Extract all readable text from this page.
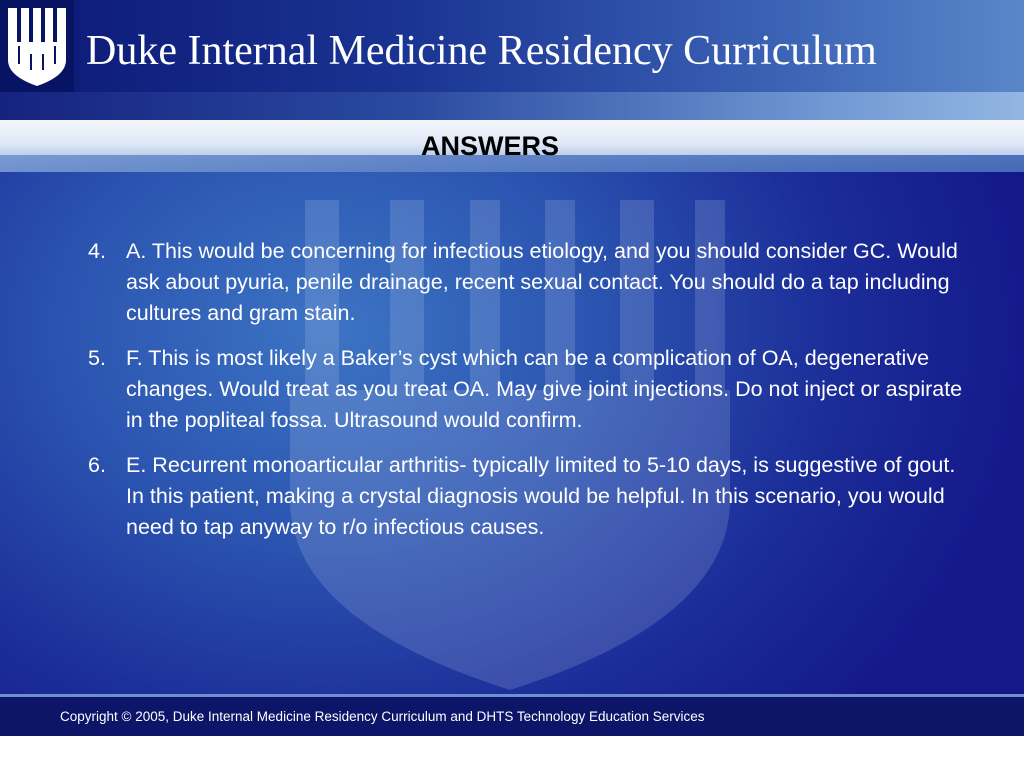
Duke Internal Medicine Residency Curriculum
ANSWERS
4. A. This would be concerning for infectious etiology, and you should consider GC. Would ask about pyuria, penile drainage, recent sexual contact. You should do a tap including cultures and gram stain.
5. F. This is most likely a Baker’s cyst which can be a complication of OA, degenerative changes. Would treat as you treat OA. May give joint injections. Do not inject or aspirate in the popliteal fossa. Ultrasound would confirm.
6. E. Recurrent monoarticular arthritis- typically limited to 5-10 days, is suggestive of gout. In this patient, making a crystal diagnosis would be helpful. In this scenario, you would need to tap anyway to r/o infectious causes.
Copyright © 2005, Duke Internal Medicine Residency Curriculum and DHTS Technology Education Services
